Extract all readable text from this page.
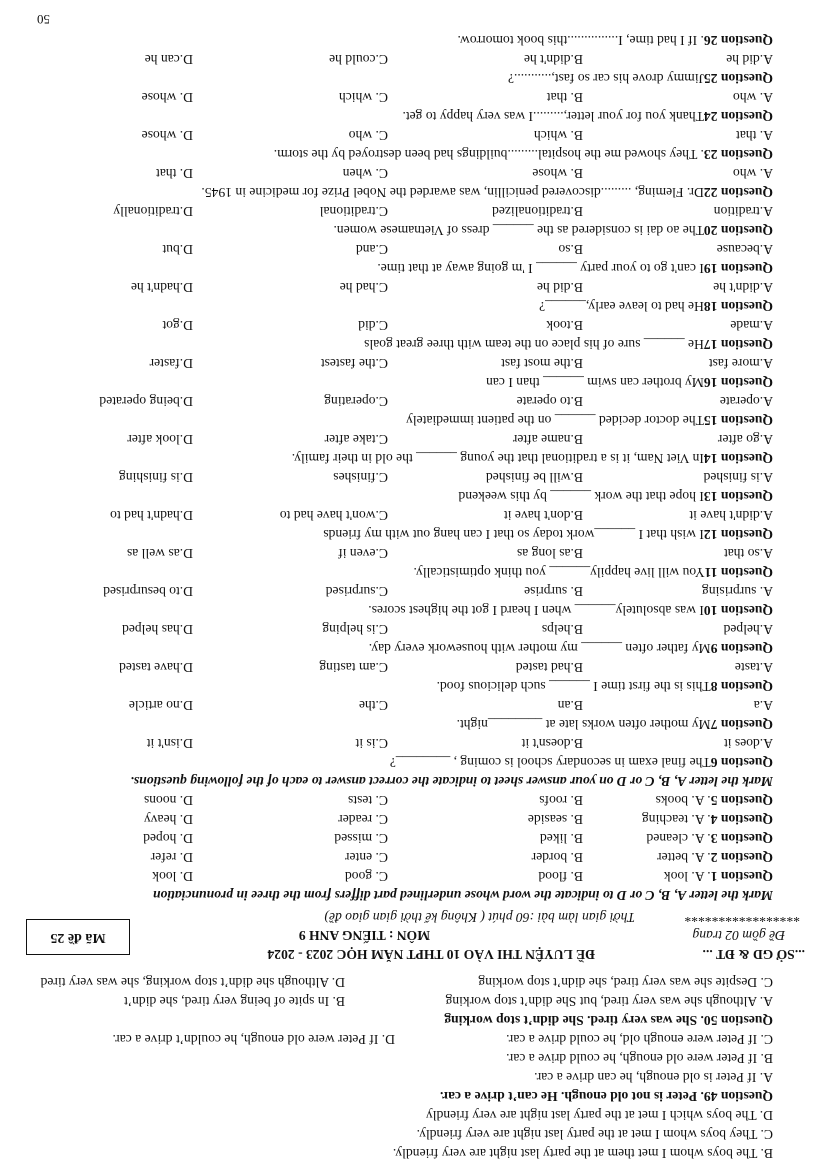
B. The boys whom I met them at the party last night are very friendly.
C. They boys whom I met at the party last night are very friendly.
D. The boys which I met at the party last night are very friendly
Question 49. Peter is not old enough. He can’t drive a car.
A. If Peter is old enough, he can drive a car.
B. If Peter were old enough, he could drive a car.
C. If Peter were enough old, he could drive a car.
D. If Peter were old enough, he couldn’t drive a car.
Question 50. She was very tired. She didn’t stop working
A. Although she was very tired, but She didn’t stop working
B. In spite of being very tired, she didn’t
C. Despite she was very tired, she didn’t stop working
D. Although she didn’t stop working, she was very tired
...SỞ GD & ĐT ...
Đề gồm 02 trang
*****************
ĐỀ LUYỆN THI VÀO 10 THPT NĂM HỌC 2023 - 2024
MÔN : TIẾNG ANH 9
Thời gian làm bài :60 phút ( Không kể thời gian giao đề)
Mã đề 25
Mark the letter A, B, C or D to indicate the word whose underlined part differs from the three in pronunciation
Question 1. A. look
B. flood
C. good
D. look
Question 2. A. better
B. border
C. enter
D. refer
Question 3. A. cleaned
B. liked
C. missed
D. hoped
Question 4. A. teaching
B. seaside
C. reader
D. heavy
Question 5. A. books
B. roofs
C. tests
D. noons
Mark the letter A, B, C or D on your answer sheet to indicate the correct answer to each of the following questions.
Question 6The final exam in secondary school is coming , ________?
A.does it
B.doesn't it
C.is it
D.isn't it
Question 7My mother often works late at ________night.
A.a
B.an
C.the
D.no article
Question 8This is the first time I ______ such delicious food.
A.taste
B.had tasted
C.am tasting
D.have tasted
Question 9My father often ______ my mother with housework every day.
A.helped
B.helps
C.is helping
D.has helped
Question 10I was absolutely______ when I heard I got the highest scores.
A. surprising
B. surprise
C.surprised
D.to besurprised
Question 11You will live happily______ you think optimistically.
A.so that
B.as long as
C.even if
D.as well as
Question 12I wish that I ______work today so that I can hang out with my friends
A.didn't have it
B.don't have it
C.won't have had to
D.hadn't had to
Question 13I hope that the work ______ by this weekend
A.is finished
B.will be finished
C.finishes
D.is finishing
Question 14In Viet Nam, it is a traditional that the young ______ the old in their family.
A.go after
B.name after
C.take after
D.look after
Question 15The doctor decided ______ on the patient immediately
A.operate
B.to operate
C.operating
D.being operated
Question 16My brother can swim ______ than I can
A.more fast
B.the most fast
C.the fastest
D.faster
Question 17He ______ sure of his place on the team with three great goals
A.made
B.took
C.did
D.got
Question 18He had to leave early,______?
A.didn't he
B.did he
C.had he
D.hadn't he
Question 19I can't go to your party ______ I 'm going away at that time.
A.because
B.so
C.and
D.but
Question 20The ao dai is considered as the ______ dress of Vietnamese women.
A.tradition
B.traditionalized
C.traditional
D.traditionally
Question 22Dr. Fleming, .........discovered penicillin, was awarded the Nobel Prize for medicine in 1945.
A. who
B. whose
C. when
D. that
Question 23. They showed me the hospital.........buildings had been destroyed by the storm.
A. that
B. which
C. who
D. whose
Question 24Thank you for your letter,.........I was very happy to get.
A. who
B. that
C. which
D. whose
Question 25Jimmy drove his car so fast,...........?
A.did he
B.didn't he
C.could he
D.can he
Question 26. If I had time, I...............this book tomorrow.
50
